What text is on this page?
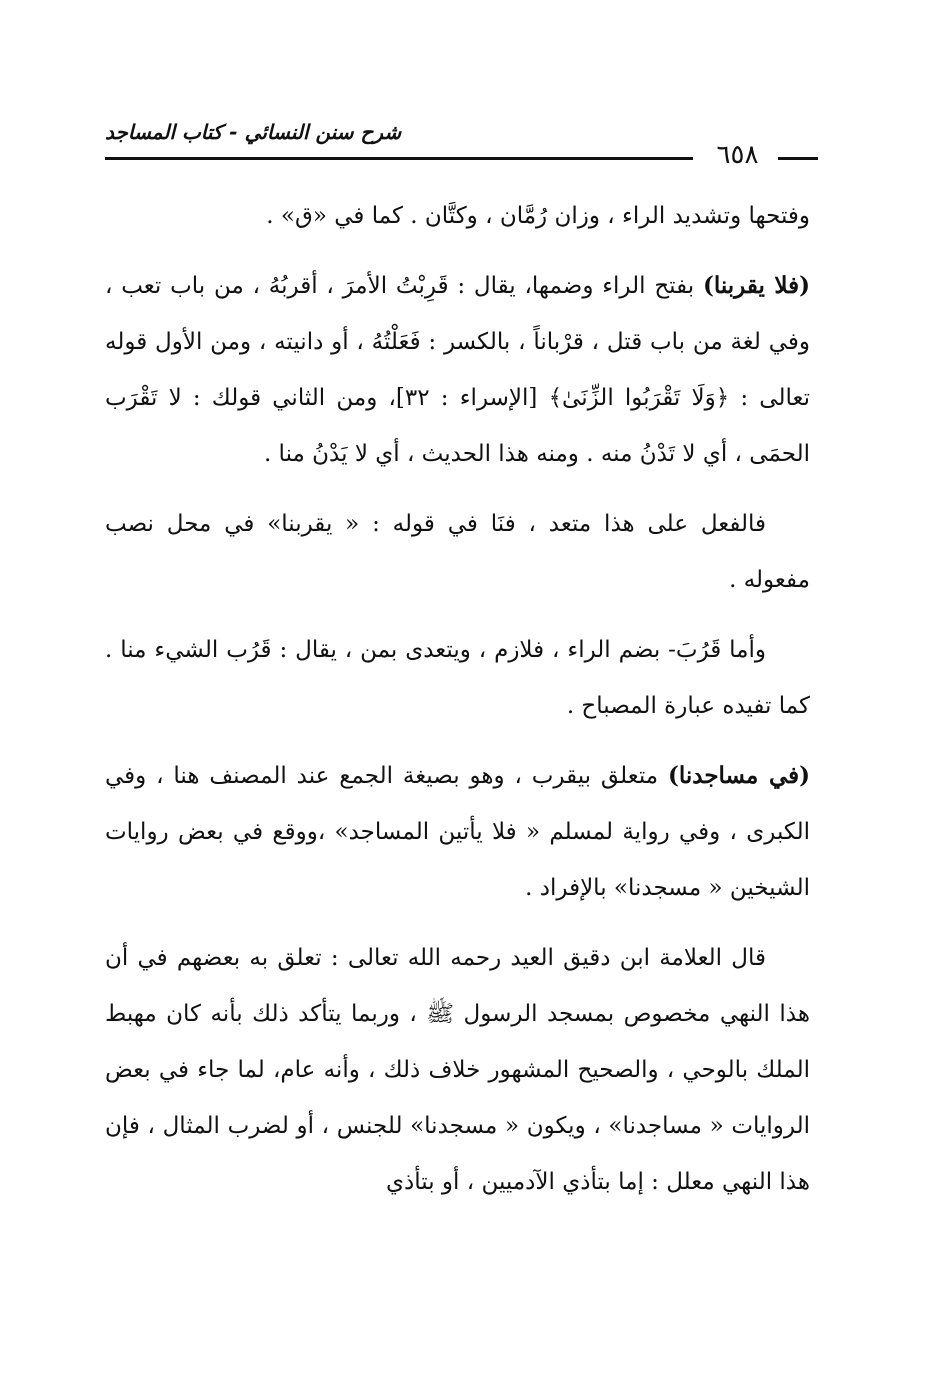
شرح سنن النسائي - كتاب المساجد
٦٥٨

وفتحها وتشديد الراء ، وزان رُمَّان ، وكتَّان . كما في «ق» .

(فلا يقربنا) بفتح الراء وضمها، يقال : قَرِبْتُ الأمرَ ، أقربُهُ ، من باب تعب ، وفي لغة من باب قتل ، قرْباناً ، بالكسر : فَعَلْتُهُ ، أو دانيته ، ومن الأول قوله تعالى : ﴿وَلَا تَقْرَبُوا الزِّنَىٰ﴾ [الإسراء : ٣٢]، ومن الثاني قولك : لا تَقْرَب الحمَى ، أي لا تَدْنُ منه . ومنه هذا الحديث ، أي لا يَدْنُ منا .

فالفعل على هذا متعد ، فنَا في قوله : « يقربنا» في محل نصب مفعوله .

وأما قَرُبَ- بضم الراء ، فلازم ، ويتعدى بمن ، يقال : قَرُب الشيء منا . كما تفيده عبارة المصباح .

(في مساجدنا) متعلق بيقرب ، وهو بصيغة الجمع عند المصنف هنا ، وفي الكبرى ، وفي رواية لمسلم « فلا يأتين المساجد» ،ووقع في بعض روايات الشيخين « مسجدنا» بالإفراد .

قال العلامة ابن دقيق العيد رحمه الله تعالى : تعلق به بعضهم في أن هذا النهي مخصوص بمسجد الرسول ﷺ ، وربما يتأكد ذلك بأنه كان مهبط الملك بالوحي ، والصحيح المشهور خلاف ذلك ، وأنه عام، لما جاء في بعض الروايات « مساجدنا» ، ويكون « مسجدنا» للجنس ، أو لضرب المثال ، فإن هذا النهي معلل : إما بتأذي الآدميين ، أو بتأذي
